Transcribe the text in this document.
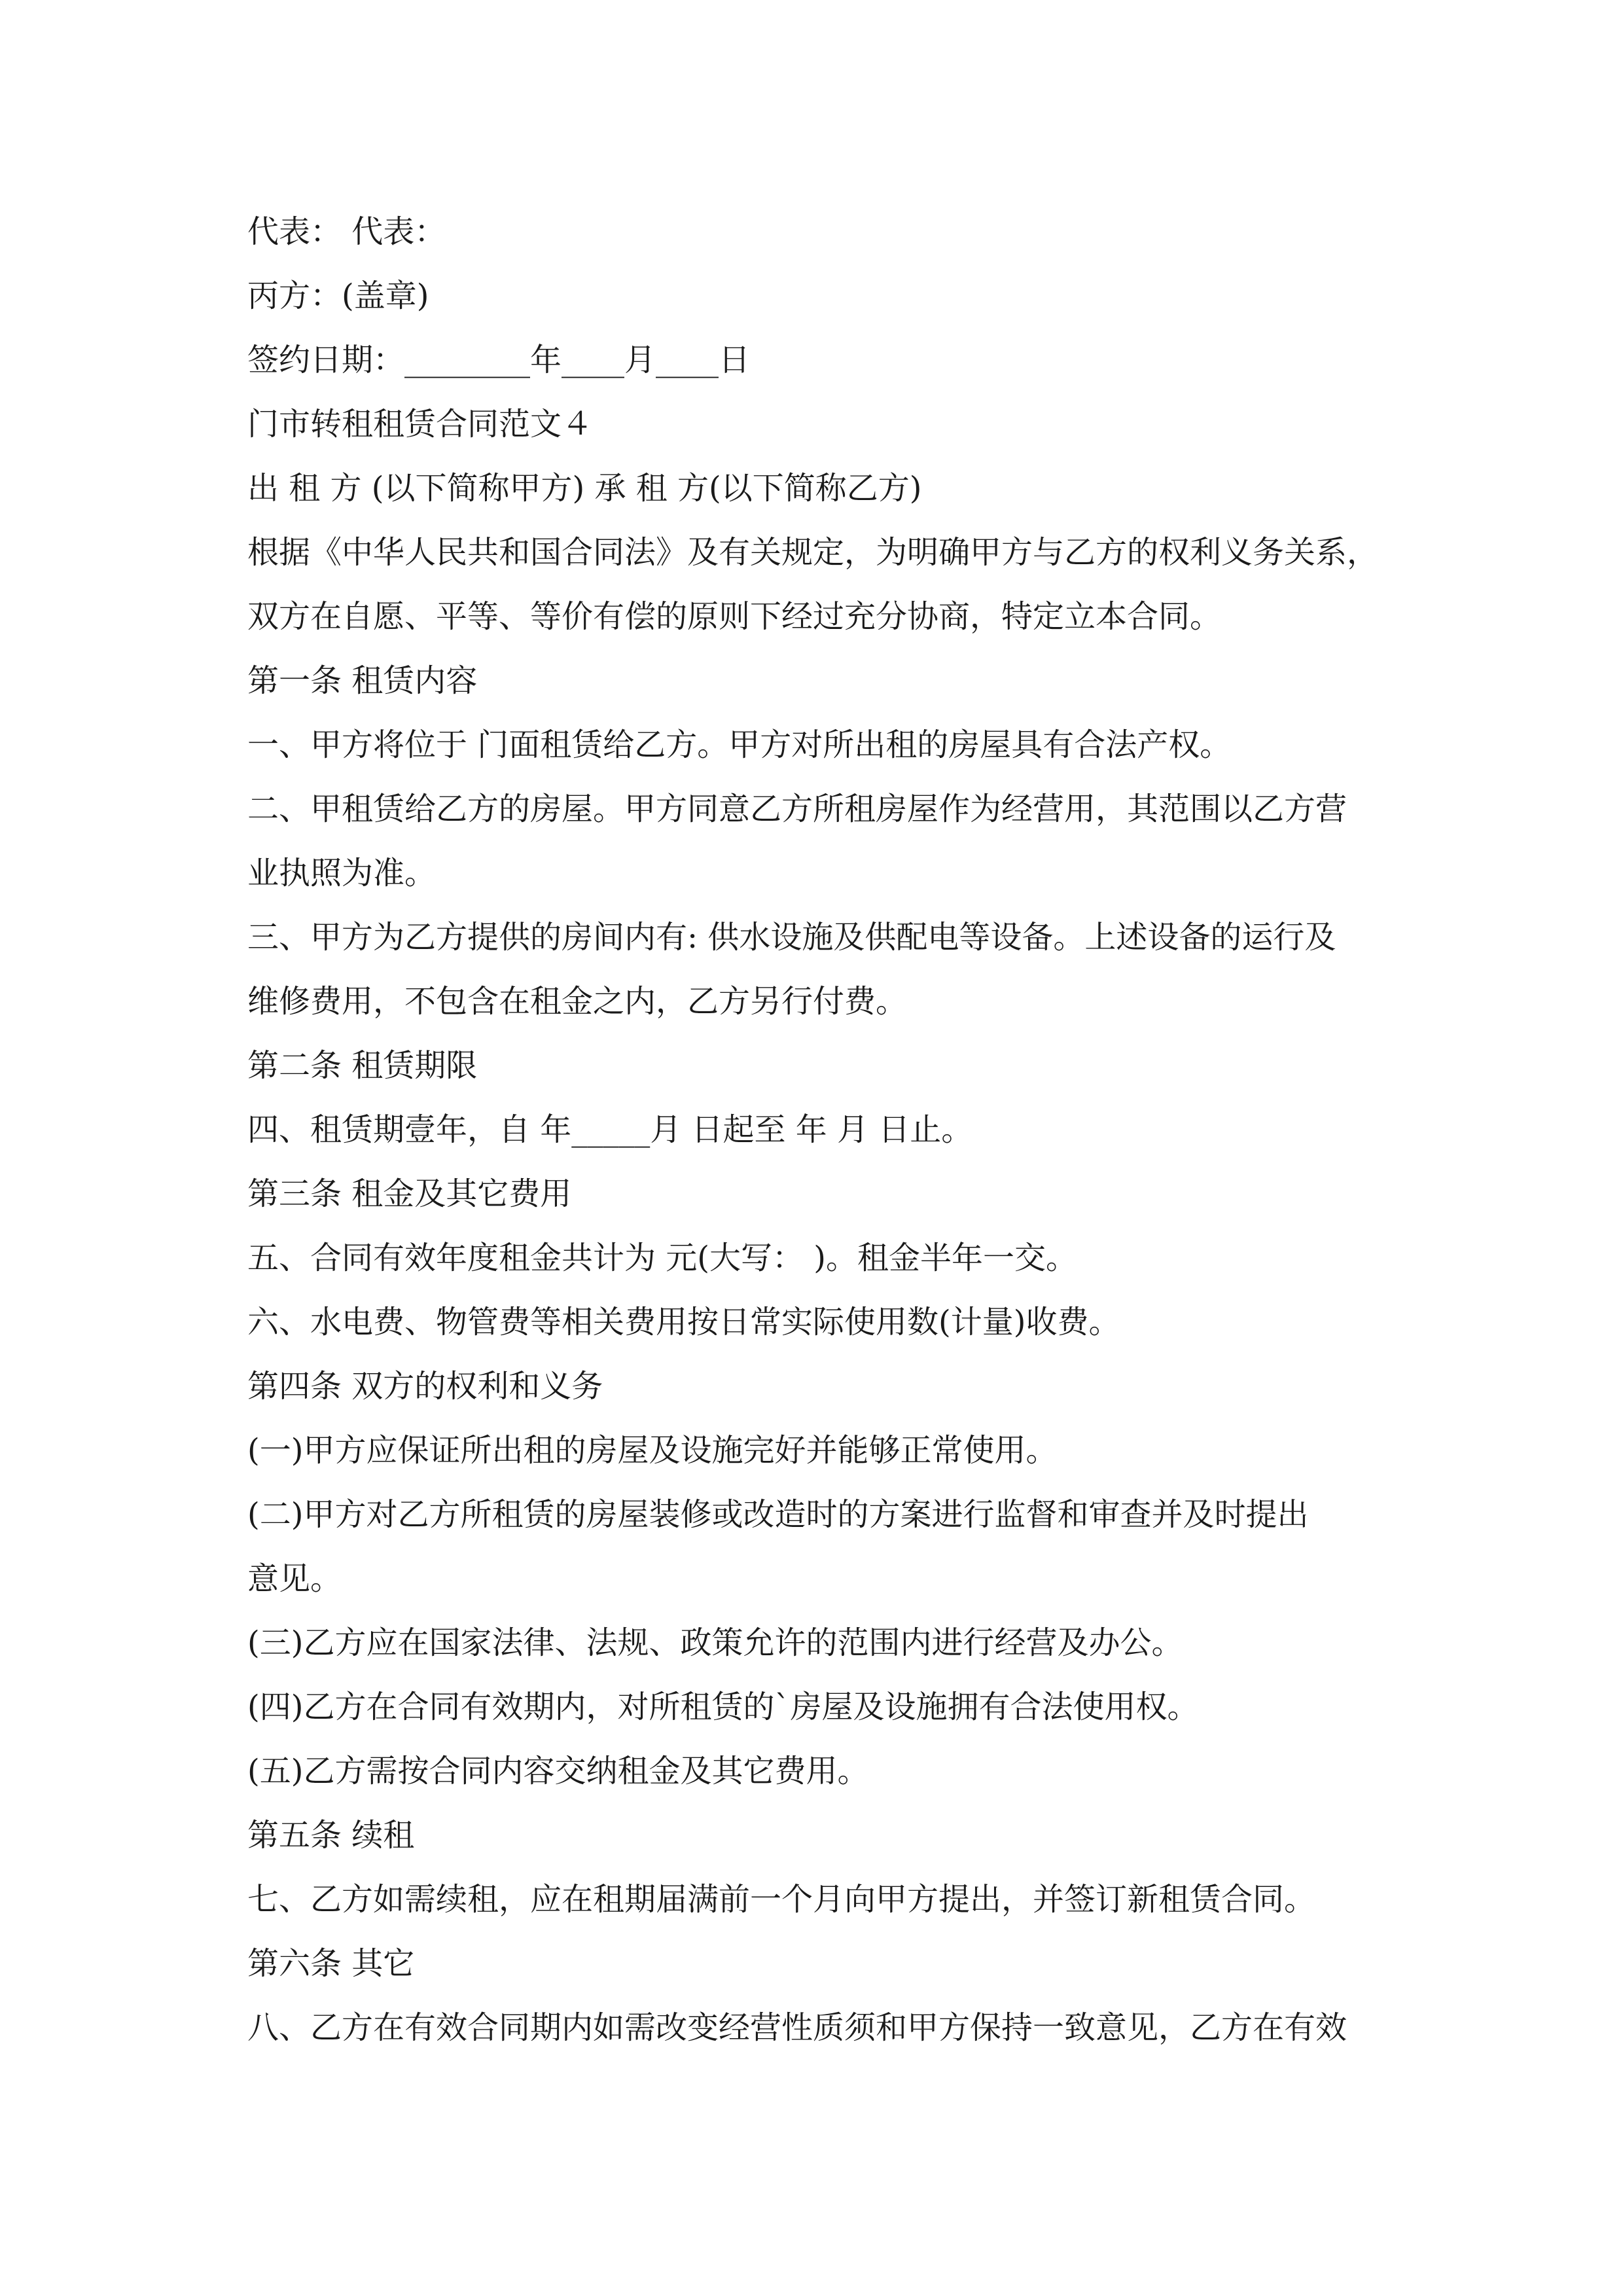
代表： 代表：
丙方：(盖章)
签约日期：________年____月____日
门市转租租赁合同范文４
出 租 方 (以下简称甲方) 承 租 方(以下简称乙方)
根据《中华人民共和国合同法》及有关规定，为明确甲方与乙方的权利义务关系，
双方在自愿、平等、等价有偿的原则下经过充分协商，特定立本合同。
第一条 租赁内容
一、甲方将位于 门面租赁给乙方。甲方对所出租的房屋具有合法产权。
二、甲租赁给乙方的房屋。甲方同意乙方所租房屋作为经营用，其范围以乙方营
业执照为准。
三、甲方为乙方提供的房间内有: 供水设施及供配电等设备。上述设备的运行及
维修费用，不包含在租金之内，乙方另行付费。
第二条 租赁期限
四、租赁期壹年，自 年_____月 日起至 年 月 日止。
第三条 租金及其它费用
五、合同有效年度租金共计为 元(大写： )。租金半年一交。
六、水电费、物管费等相关费用按日常实际使用数(计量)收费。
第四条 双方的权利和义务
(一)甲方应保证所出租的房屋及设施完好并能够正常使用。
(二)甲方对乙方所租赁的房屋装修或改造时的方案进行监督和审查并及时提出
意见。
(三)乙方应在国家法律、法规、政策允许的范围内进行经营及办公。
(四)乙方在合同有效期内，对所租赁的`房屋及设施拥有合法使用权。
(五)乙方需按合同内容交纳租金及其它费用。
第五条 续租
七、乙方如需续租，应在租期届满前一个月向甲方提出，并签订新租赁合同。
第六条 其它
八、乙方在有效合同期内如需改变经营性质须和甲方保持一致意见，乙方在有效
